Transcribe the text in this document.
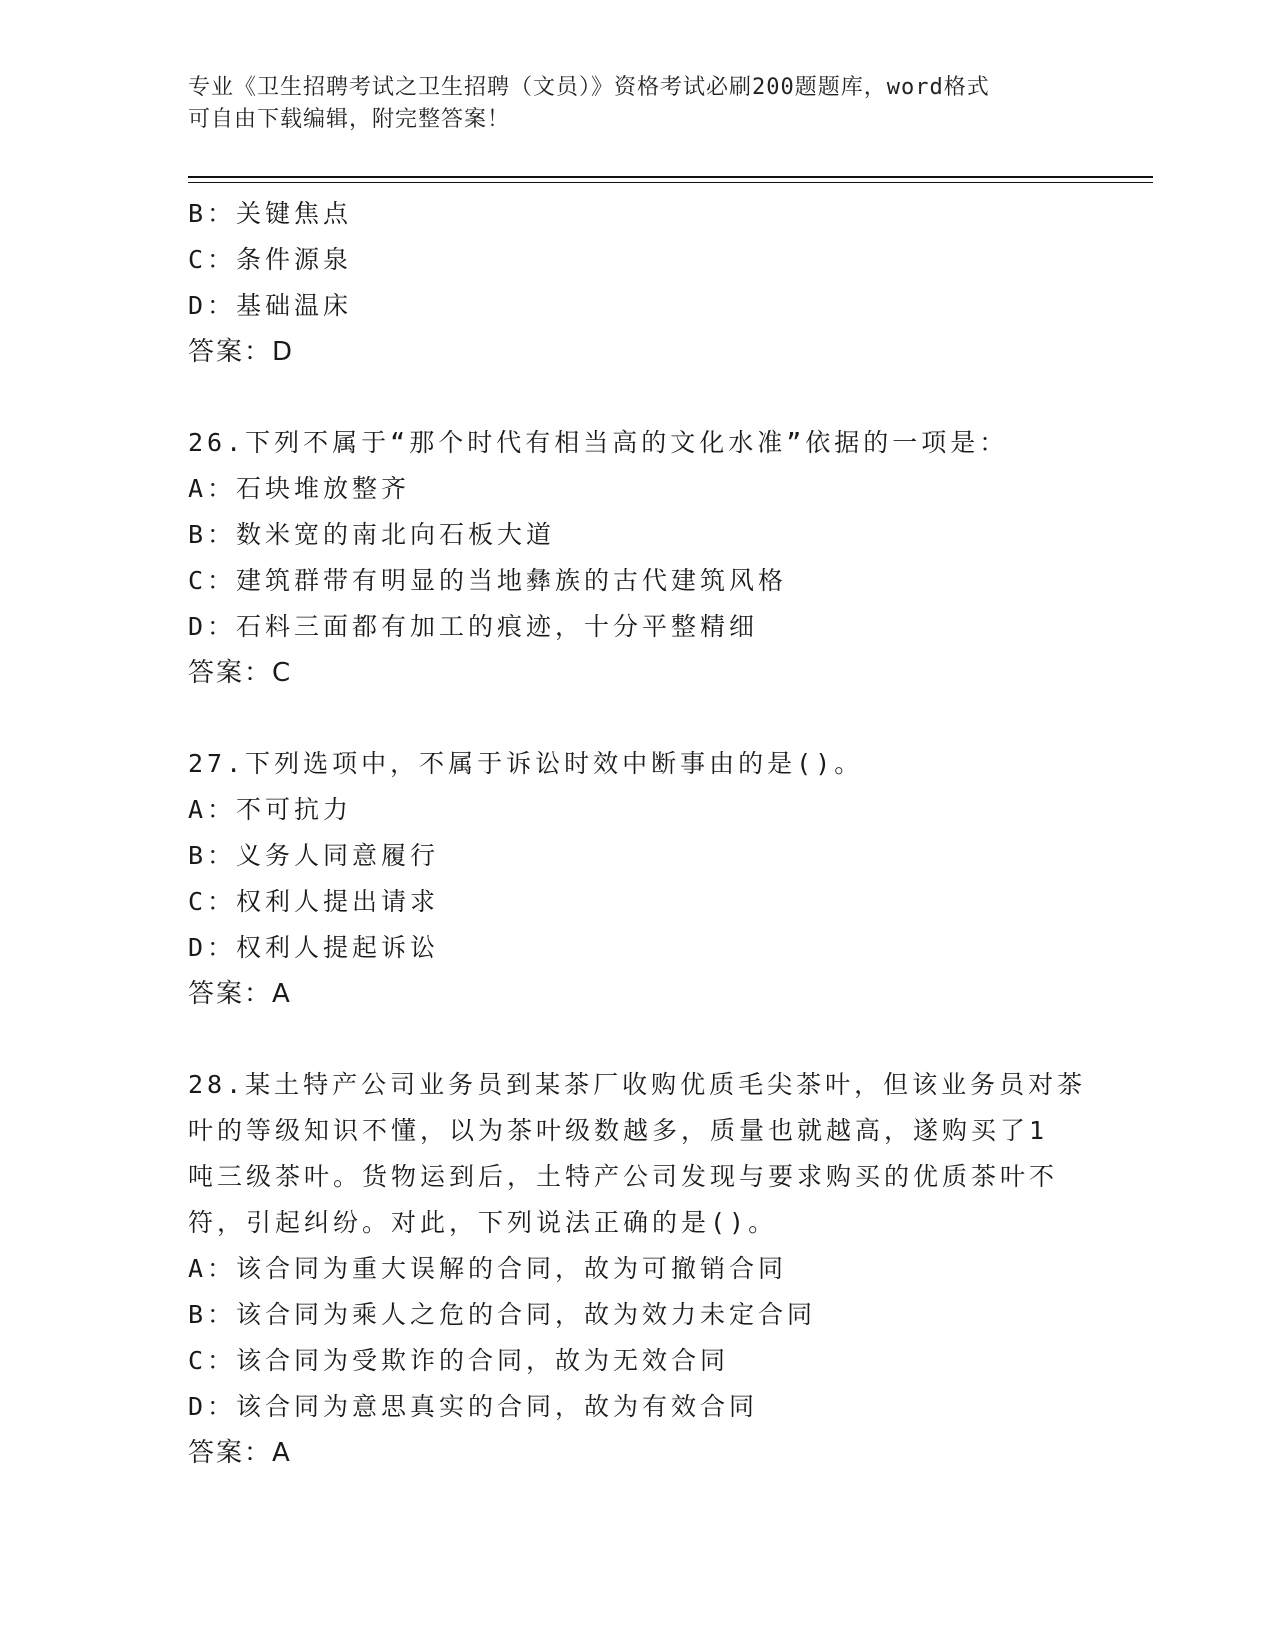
专业《卫生招聘考试之卫生招聘（文员）》资格考试必刷200题题库，word格式
可自由下载编辑，附完整答案！
B：关键焦点
C：条件源泉
D：基础温床
答案：D
26.下列不属于“那个时代有相当高的文化水准”依据的一项是：
A：石块堆放整齐
B：数米宽的南北向石板大道
C：建筑群带有明显的当地彝族的古代建筑风格
D：石料三面都有加工的痕迹，十分平整精细
答案：C
27.下列选项中，不属于诉讼时效中断事由的是()。
A：不可抗力
B：义务人同意履行
C：权利人提出请求
D：权利人提起诉讼
答案：A
28.某土特产公司业务员到某茶厂收购优质毛尖茶叶，但该业务员对茶
叶的等级知识不懂，以为茶叶级数越多，质量也就越高，遂购买了1
吨三级茶叶。货物运到后，土特产公司发现与要求购买的优质茶叶不
符，引起纠纷。对此，下列说法正确的是()。
A：该合同为重大误解的合同，故为可撤销合同
B：该合同为乘人之危的合同，故为效力未定合同
C：该合同为受欺诈的合同，故为无效合同
D：该合同为意思真实的合同，故为有效合同
答案：A
